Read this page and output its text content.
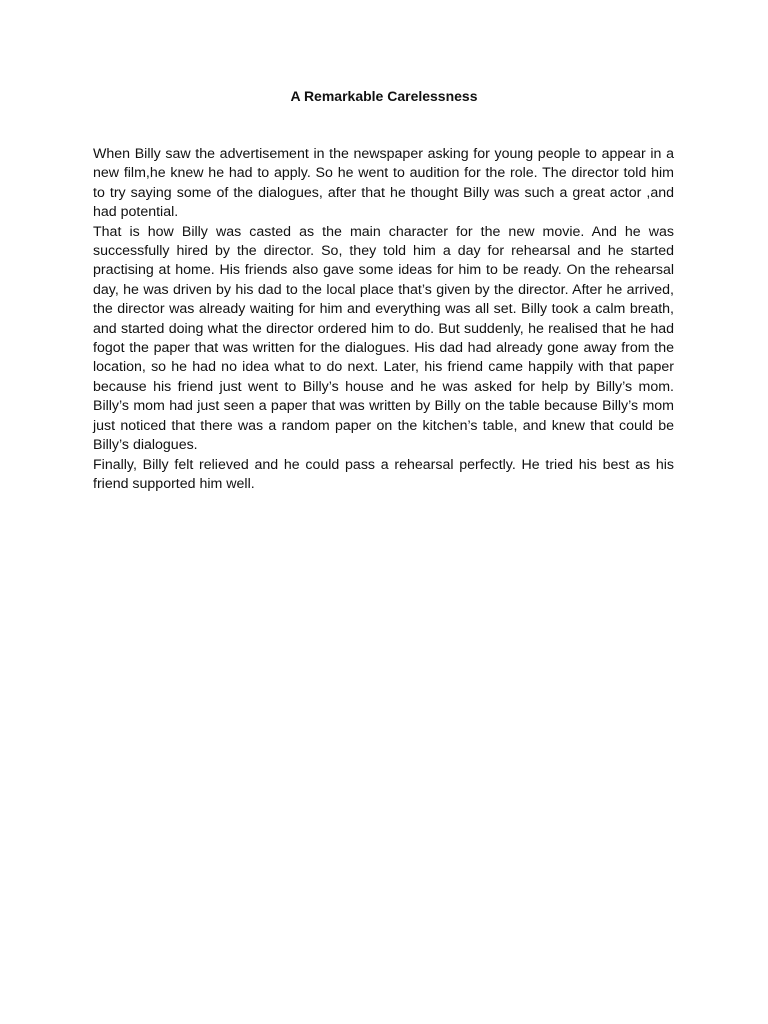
A Remarkable Carelessness

When Billy saw the advertisement in the newspaper asking for young people to appear in a new film,he knew he had to apply. So he went to audition for the role. The director told him to try saying some of the dialogues, after that he thought Billy was such a great actor ,and had potential.

That is how Billy was casted as the main character for the new movie. And he was successfully hired by the director. So, they told him a day for rehearsal and he started practising at home. His friends also gave some ideas for him to be ready. On the rehearsal day, he was driven by his dad to the local place that’s given by the director. After he arrived, the director was already waiting for him and everything was all set. Billy took a calm breath, and started doing what the director ordered him to do. But suddenly, he realised that he had fogot the paper that was written for the dialogues. His dad had already gone away from the location, so he had no idea what to do next. Later, his friend came happily with that paper because his friend just went to Billy’s house and he was asked for help by Billy’s mom. Billy’s mom had just seen a paper that was written by Billy on the table because Billy’s mom just noticed that there was a random paper on the kitchen’s table, and knew that could be Billy’s dialogues.

Finally, Billy felt relieved and he could pass a rehearsal perfectly. He tried his best as his friend supported him well.
